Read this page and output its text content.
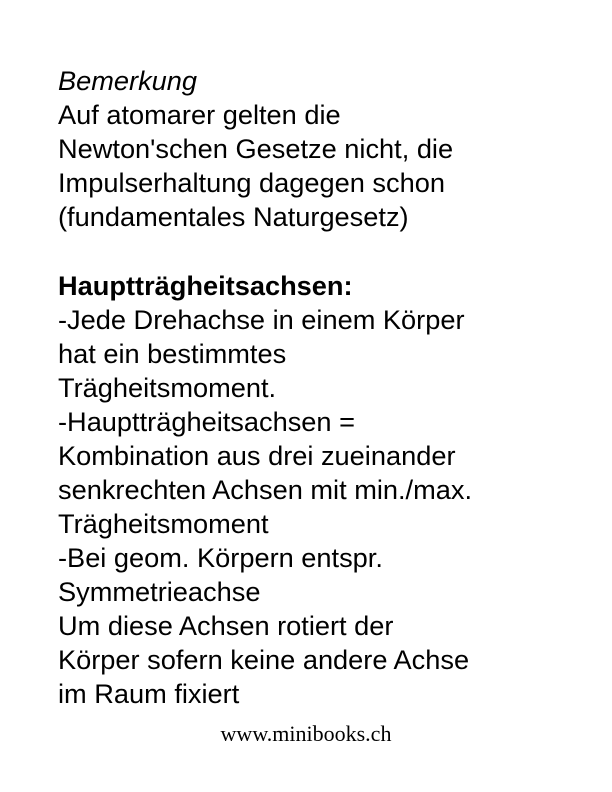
Bemerkung
Auf atomarer gelten die
Newton'schen Gesetze nicht, die
Impulserhaltung dagegen schon
(fundamentales Naturgesetz)
Hauptträgheitsachsen:
-Jede Drehachse in einem Körper
hat ein bestimmtes
Trägheitsmoment.
-Hauptträgheitsachsen =
Kombination aus drei zueinander
senkrechten Achsen mit min./max.
Trägheitsmoment
-Bei geom. Körpern entspr.
Symmetrieachse
Um diese Achsen rotiert der
Körper sofern keine andere Achse
im Raum fixiert
www.minibooks.ch
